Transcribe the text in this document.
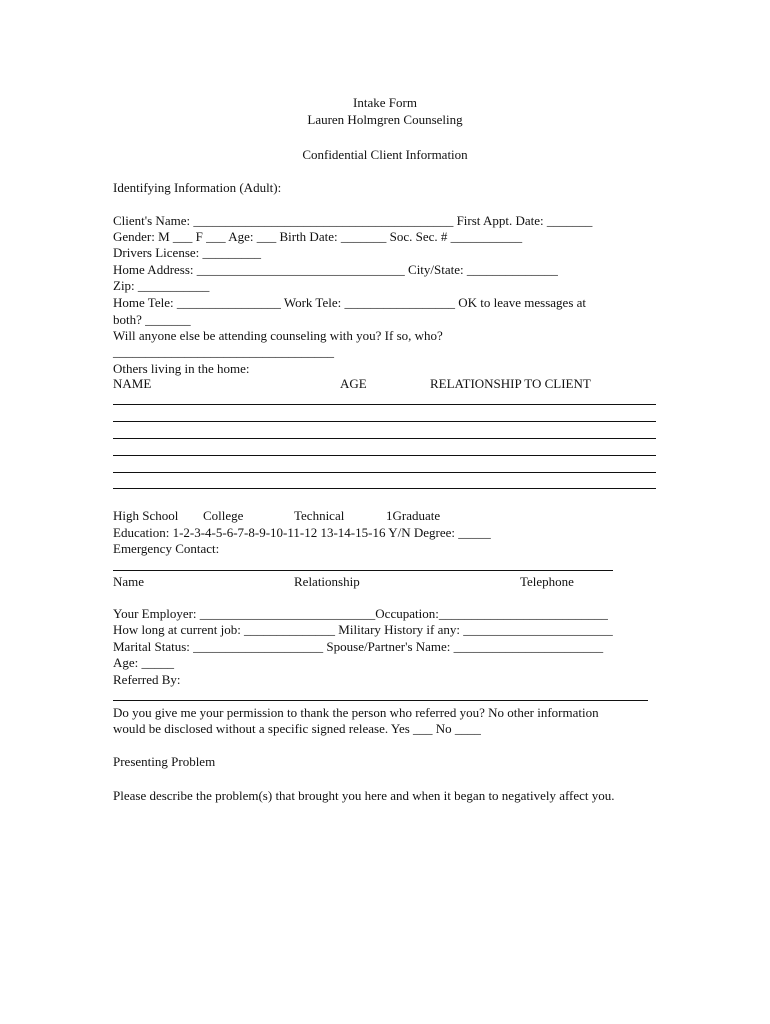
Intake Form
Lauren Holmgren Counseling
Confidential Client Information
Identifying Information (Adult):
Client's Name: ________________________________________ First Appt. Date: _______
Gender: M ___ F ___ Age: ___ Birth Date: _______ Soc. Sec. # ___________
Drivers License: _________
Home Address: ________________________________ City/State: ______________
Zip: ___________
Home Tele: ________________ Work Tele: _________________ OK to leave messages at
both? _______
Will anyone else be attending counseling with you? If so, who?
__________________________________
Others living in the home:
NAME	AGE	RELATIONSHIP TO CLIENT
High School College	Technical	1Graduate
Education: 1-2-3-4-5-6-7-8-9-10-11-12 13-14-15-16 Y/N Degree: _____
Emergency Contact:
Name	Relationship	Telephone
Your Employer: ___________________________Occupation:__________________________
How long at current job: ______________ Military History if any: _______________________
Marital Status: ____________________ Spouse/Partner's Name: _______________________
Age: _____
Referred By:
Do you give me your permission to thank the person who referred you? No other information
would be disclosed without a specific signed release. Yes ___ No ____
Presenting Problem
Please describe the problem(s) that brought you here and when it began to negatively affect you.
